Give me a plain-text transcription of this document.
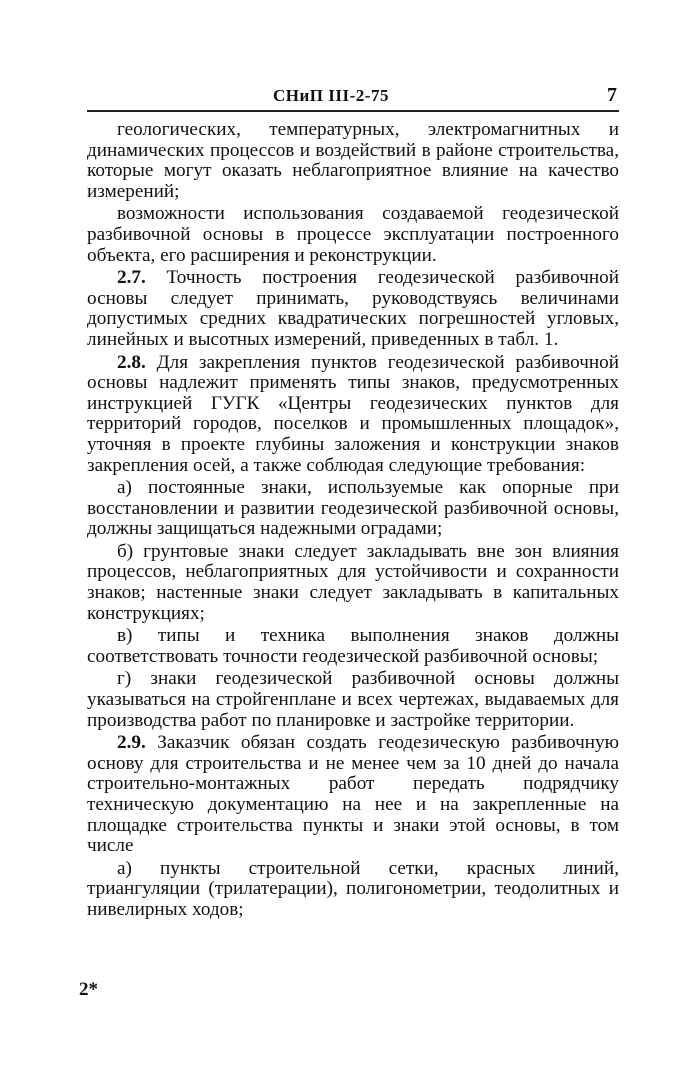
СНиП III-2-75	7

геологических, температурных, электромагнитных и динамических процессов и воздействий в районе строительства, которые могут оказать неблагоприятное влияние на качество измерений;

возможности использования создаваемой геодезической разбивочной основы в процессе эксплуатации построенного объекта, его расширения и реконструкции.

2.7. Точность построения геодезической разбивочной основы следует принимать, руководствуясь величинами допустимых средних квадратических погрешностей угловых, линейных и высотных измерений, приведенных в табл. 1.

2.8. Для закрепления пунктов геодезической разбивочной основы надлежит применять типы знаков, предусмотренных инструкцией ГУГК «Центры геодезических пунктов для территорий городов, поселков и промышленных площадок», уточняя в проекте глубины заложения и конструкции знаков закрепления осей, а также соблюдая следующие требования:

а) постоянные знаки, используемые как опорные при восстановлении и развитии геодезической разбивочной основы, должны защищаться надежными оградами;

б) грунтовые знаки следует закладывать вне зон влияния процессов, неблагоприятных для устойчивости и сохранности знаков; настенные знаки следует закладывать в капитальных конструкциях;

в) типы и техника выполнения знаков должны соответствовать точности геодезической разбивочной основы;

г) знаки геодезической разбивочной основы должны указываться на стройгенплане и всех чертежах, выдаваемых для производства работ по планировке и застройке территории.

2.9. Заказчик обязан создать геодезическую разбивочную основу для строительства и не менее чем за 10 дней до начала строительно-монтажных работ передать подрядчику техническую документацию на нее и на закрепленные на площадке строительства пункты и знаки этой основы, в том числе

а) пункты строительной сетки, красных линий, триангуляции (трилатерации), полигонометрии, теодолитных и нивелирных ходов;

2*
